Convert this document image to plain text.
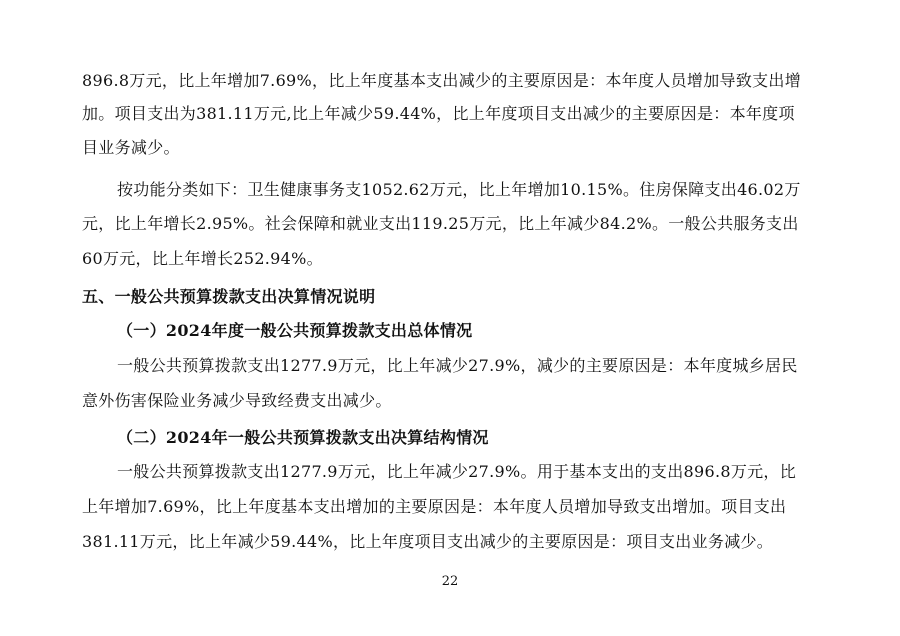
896.8万元，比上年增加7.69%，比上年度基本支出减少的主要原因是：本年度人员增加导致支出增
加。项目支出为381.11万元,比上年减少59.44%，比上年度项目支出减少的主要原因是：本年度项
目业务减少。
按功能分类如下：卫生健康事务支1052.62万元，比上年增加10.15%。住房保障支出46.02万
元，比上年增长2.95%。社会保障和就业支出119.25万元，比上年减少84.2%。一般公共服务支出
60万元，比上年增长252.94%。
五、一般公共预算拨款支出决算情况说明
（一）2024年度一般公共预算拨款支出总体情况
一般公共预算拨款支出1277.9万元，比上年减少27.9%，减少的主要原因是：本年度城乡居民
意外伤害保险业务减少导致经费支出减少。
（二）2024年一般公共预算拨款支出决算结构情况
一般公共预算拨款支出1277.9万元，比上年减少27.9%。用于基本支出的支出896.8万元，比
上年增加7.69%，比上年度基本支出增加的主要原因是：本年度人员增加导致支出增加。项目支出
381.11万元，比上年减少59.44%，比上年度项目支出减少的主要原因是：项目支出业务减少。
22
